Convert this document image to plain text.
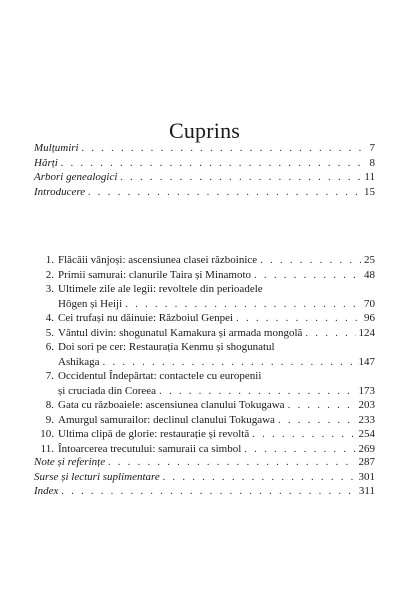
Cuprins
Mulțumiri . . .	7
Hărți . . .	8
Arbori genealogici . . .	11
Introducere . . .	15
1. Flăcăii vânjoși: ascensiunea clasei războinice . . .	25
2. Primii samurai: clanurile Taira și Minamoto . . .	48
3. Ultimele zile ale legii: revoltele din perioadele
Hōgen și Heiji . . .	70
4. Cei trufași nu dăinuie: Războiul Genpei . . .	96
5. Vântul divin: shogunatul Kamakura și armada mongolă . . .	124
6. Doi sori pe cer: Restaurația Kenmu și shogunatul
Ashikaga . . .	147
7. Occidentul Îndepărtat: contactele cu europenii
și cruciada din Coreea . . .	173
8. Gata cu războaiele: ascensiunea clanului Tokugawa . . .	203
9. Amurgul samurailor: declinul clanului Tokugawa . . .	233
10. Ultima clipă de glorie: restaurație și revoltă . . .	254
11. Întoarcerea trecutului: samuraii ca simbol . . .	269
Note și referințe . . .	287
Surse și lecturi suplimentare . . .	301
Index . . .	311
